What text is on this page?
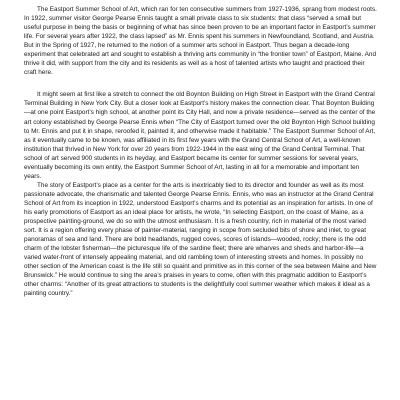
The Eastport Summer School of Art, which ran for ten consecutive summers from 1927-1936, sprang from modest roots. In 1922, summer visitor George Pearse Ennis taught a small private class to six students: that class “served a small but useful purpose in being the basis or beginning of what has since been proven to be an important factor in Eastport’s summer life. For several years after 1922, the class lapsed” as Mr. Ennis spent his summers in Newfoundland, Scotland, and Austria. But in the Spring of 1927, he returned to the notion of a summer arts school in Eastport. Thus began a decade-long experiment that celebrated art and sought to establish a thriving arts community in “the frontier town” of Eastport, Maine. And thrive it did, with support from the city and its residents as well as a host of talented artists who taught and practiced their craft here.

It might seem at first like a stretch to connect the old Boynton Building on High Street in Eastport with the Grand Central Terminal Building in New York City. But a closer look at Eastport’s history makes the connection clear. That Boynton Building—at one point Eastport’s high school, at another point its City Hall, and now a private residence—served as the center of the art colony established by George Pearse Ennis when “The City of Eastport turned over the old Boynton High School building to Mr. Ennis and put it in shape, reroofed it, painted it, and otherwise made it habitable.” The Eastport Summer School of Art, as it eventually came to be known, was affiliated in its first few years with the Grand Central School of Art, a well-known institution that thrived in New York for over 20 years from 1922-1944 in the east wing of the Grand Central Terminal. That school of art served 900 students in its heyday, and Eastport became its center for summer sessions for several years, eventually becoming its own entity, the Eastport Summer School of Art, lasting in all for a memorable and important ten years.

The story of Eastport’s place as a center for the arts is inextricably tied to its director and founder as well as its most passionate advocate, the charismatic and talented George Pearse Ennis. Ennis, who was an instructor at the Grand Central School of Art from its inception in 1922, understood Eastport’s charms and its potential as an inspiration for artists. In one of his early promotions of Eastport as an ideal place for artists, he wrote, “In selecting Eastport, on the coast of Maine, as a prospective painting-ground, we do so with the utmost enthusiasm. It is a fresh country, rich in material of the most varied sort. It is a region offering every phase of painter-material, ranging in scope from secluded bits of shore and inlet, to great panoramas of sea and land. There are bold headlands, rugged coves, scores of islands—wooded, rocky; there is the odd charm of the lobster fisherman—the picturesque life of the sardine fleet; there are wharves and sheds and harbor-life—a varied water-front of intensely appealing material, and old rambling town of interesting streets and homes. In possibly no other section of the American coast is the life still so quaint and primitive as in this corner of the sea between Maine and New Brunswick.” He would continue to sing the area’s praises in years to come, often with this pragmatic addition to Eastport’s other charms: “Another of its great attractions to students is the delightfully cool summer weather which makes it ideal as a painting country.”
